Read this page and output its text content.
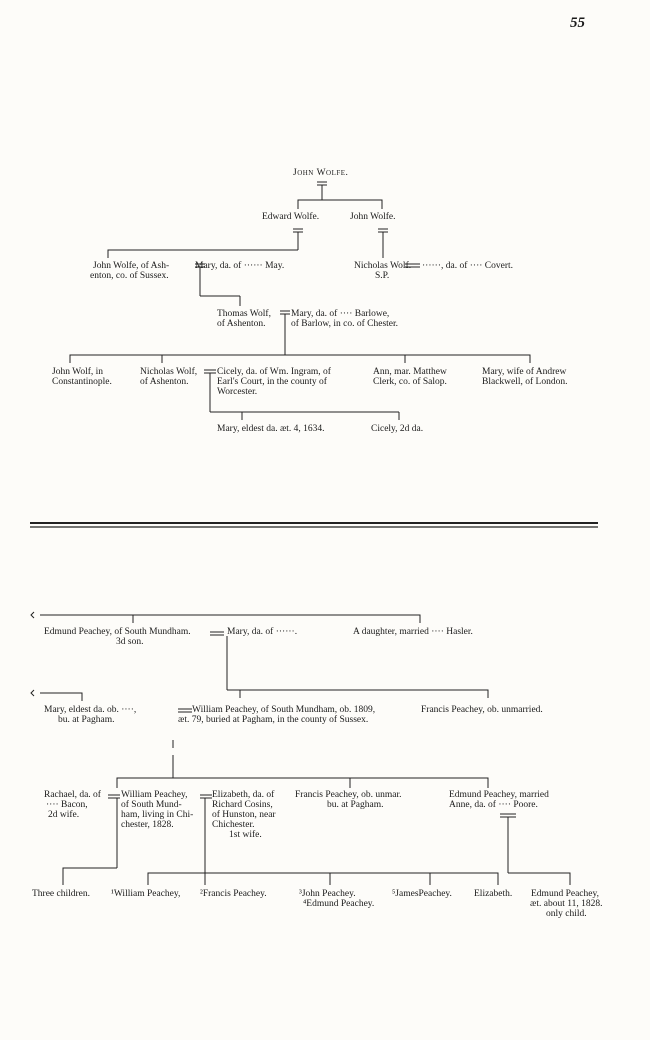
55
John Wolfe.
Edward Wolfe.	John Wolfe.
John Wolfe, of Ash-
enton, co. of Sussex.
Mary, da. of ······ May.	Nicholas Wolf.
S.P.
······, da. of ···· Covert.
Thomas Wolf,
of Ashenton.
Mary, da. of ···· Barlowe,
of Barlow, in co. of Chester.
John Wolf, in
Constantinople.
Nicholas Wolf,
of Ashenton.
Cicely, da. of Wm. Ingram, of
Earl's Court, in the county of
Worcester.
Ann, mar. Matthew
Clerk, co. of Salop.
Mary, wife of Andrew
Blackwell, of London.
Mary, eldest da. æt. 4, 1634.	Cicely, 2d da.
Edmund Peachey, of South Mundham.
3d son.
Mary, da. of ······.	A daughter, married ···· Hasler.
Mary, eldest da. ob. ····,
bu. at Pagham.
William Peachey, of South Mundham, ob. 1809,
æt. 79, buried at Pagham, in the county of Sussex.
Francis Peachey, ob. unmarried.
Rachael, da. of
···· Bacon,
2d wife.
William Peachey,
of South Mund-
ham, living in Chi-
chester, 1828.
Elizabeth, da. of
Richard Cosins,
of Hunston, near
Chichester.
1st wife.
Francis Peachey, ob. unmar.
bu. at Pagham.
Edmund Peachey, married
Anne, da. of ···· Poore.
Three children. ¹William Peachey, ²Francis Peachey.	³John Peachey.
⁴Edmund Peachey.
⁵JamesPeachey. Elizabeth. Edmund Peachey,
æt. about 11, 1828.
only child.
